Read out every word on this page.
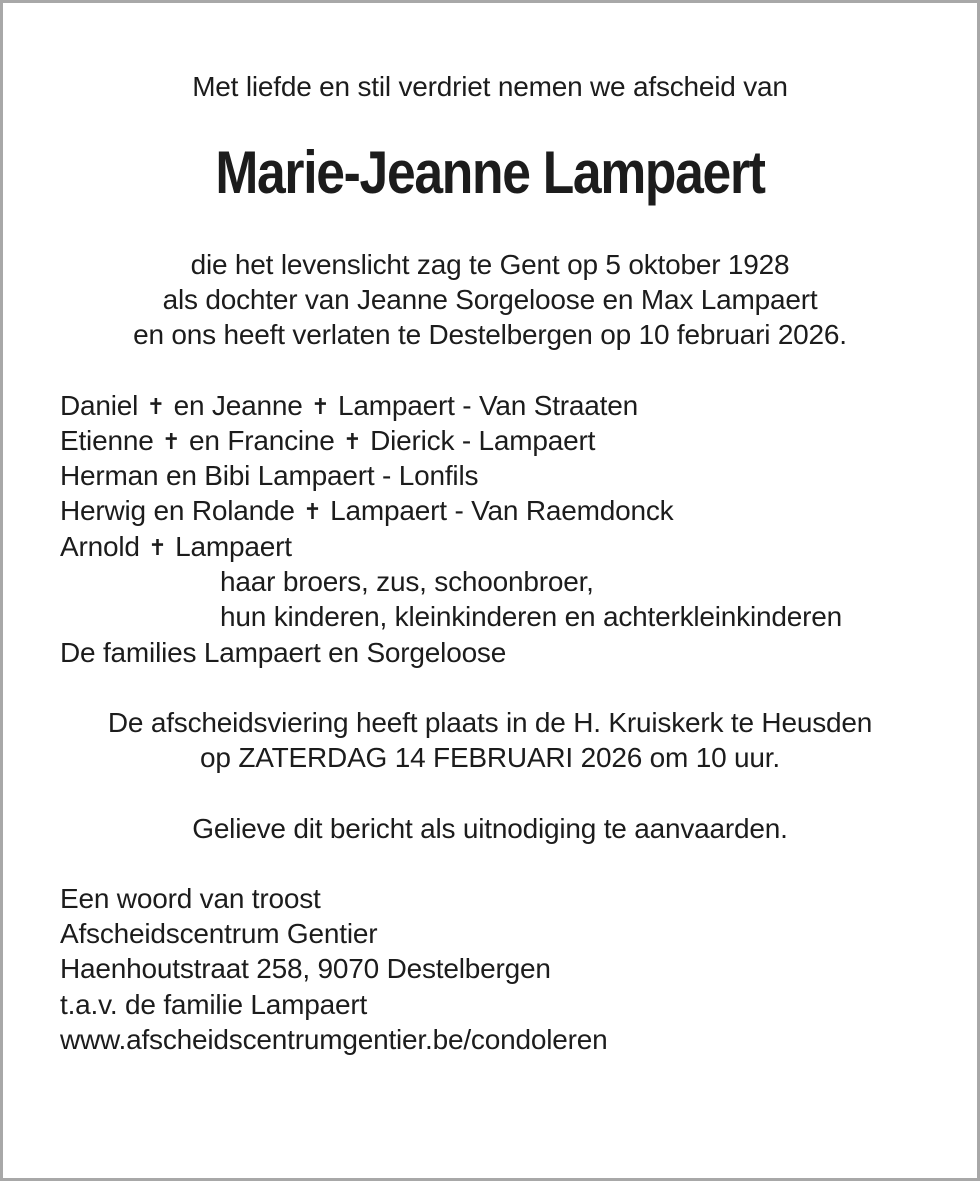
Met liefde en stil verdriet nemen we afscheid van
Marie-Jeanne Lampaert
die het levenslicht zag te Gent op 5 oktober 1928
als dochter van Jeanne Sorgeloose en Max Lampaert
en ons heeft verlaten te Destelbergen op 10 februari 2026.
Daniel ✝ en Jeanne ✝ Lampaert - Van Straaten
Etienne ✝ en Francine ✝ Dierick - Lampaert
Herman en Bibi Lampaert - Lonfils
Herwig en Rolande ✝ Lampaert - Van Raemdonck
Arnold ✝ Lampaert
haar broers, zus, schoonbroer,
hun kinderen, kleinkinderen en achterkleinkinderen
De families Lampaert en Sorgeloose
De afscheidsviering heeft plaats in de H. Kruiskerk te Heusden
op ZATERDAG 14 FEBRUARI 2026 om 10 uur.
Gelieve dit bericht als uitnodiging te aanvaarden.
Een woord van troost
Afscheidscentrum Gentier
Haenhoutstraat 258, 9070 Destelbergen
t.a.v. de familie Lampaert
www.afscheidscentrumgentier.be/condoleren
